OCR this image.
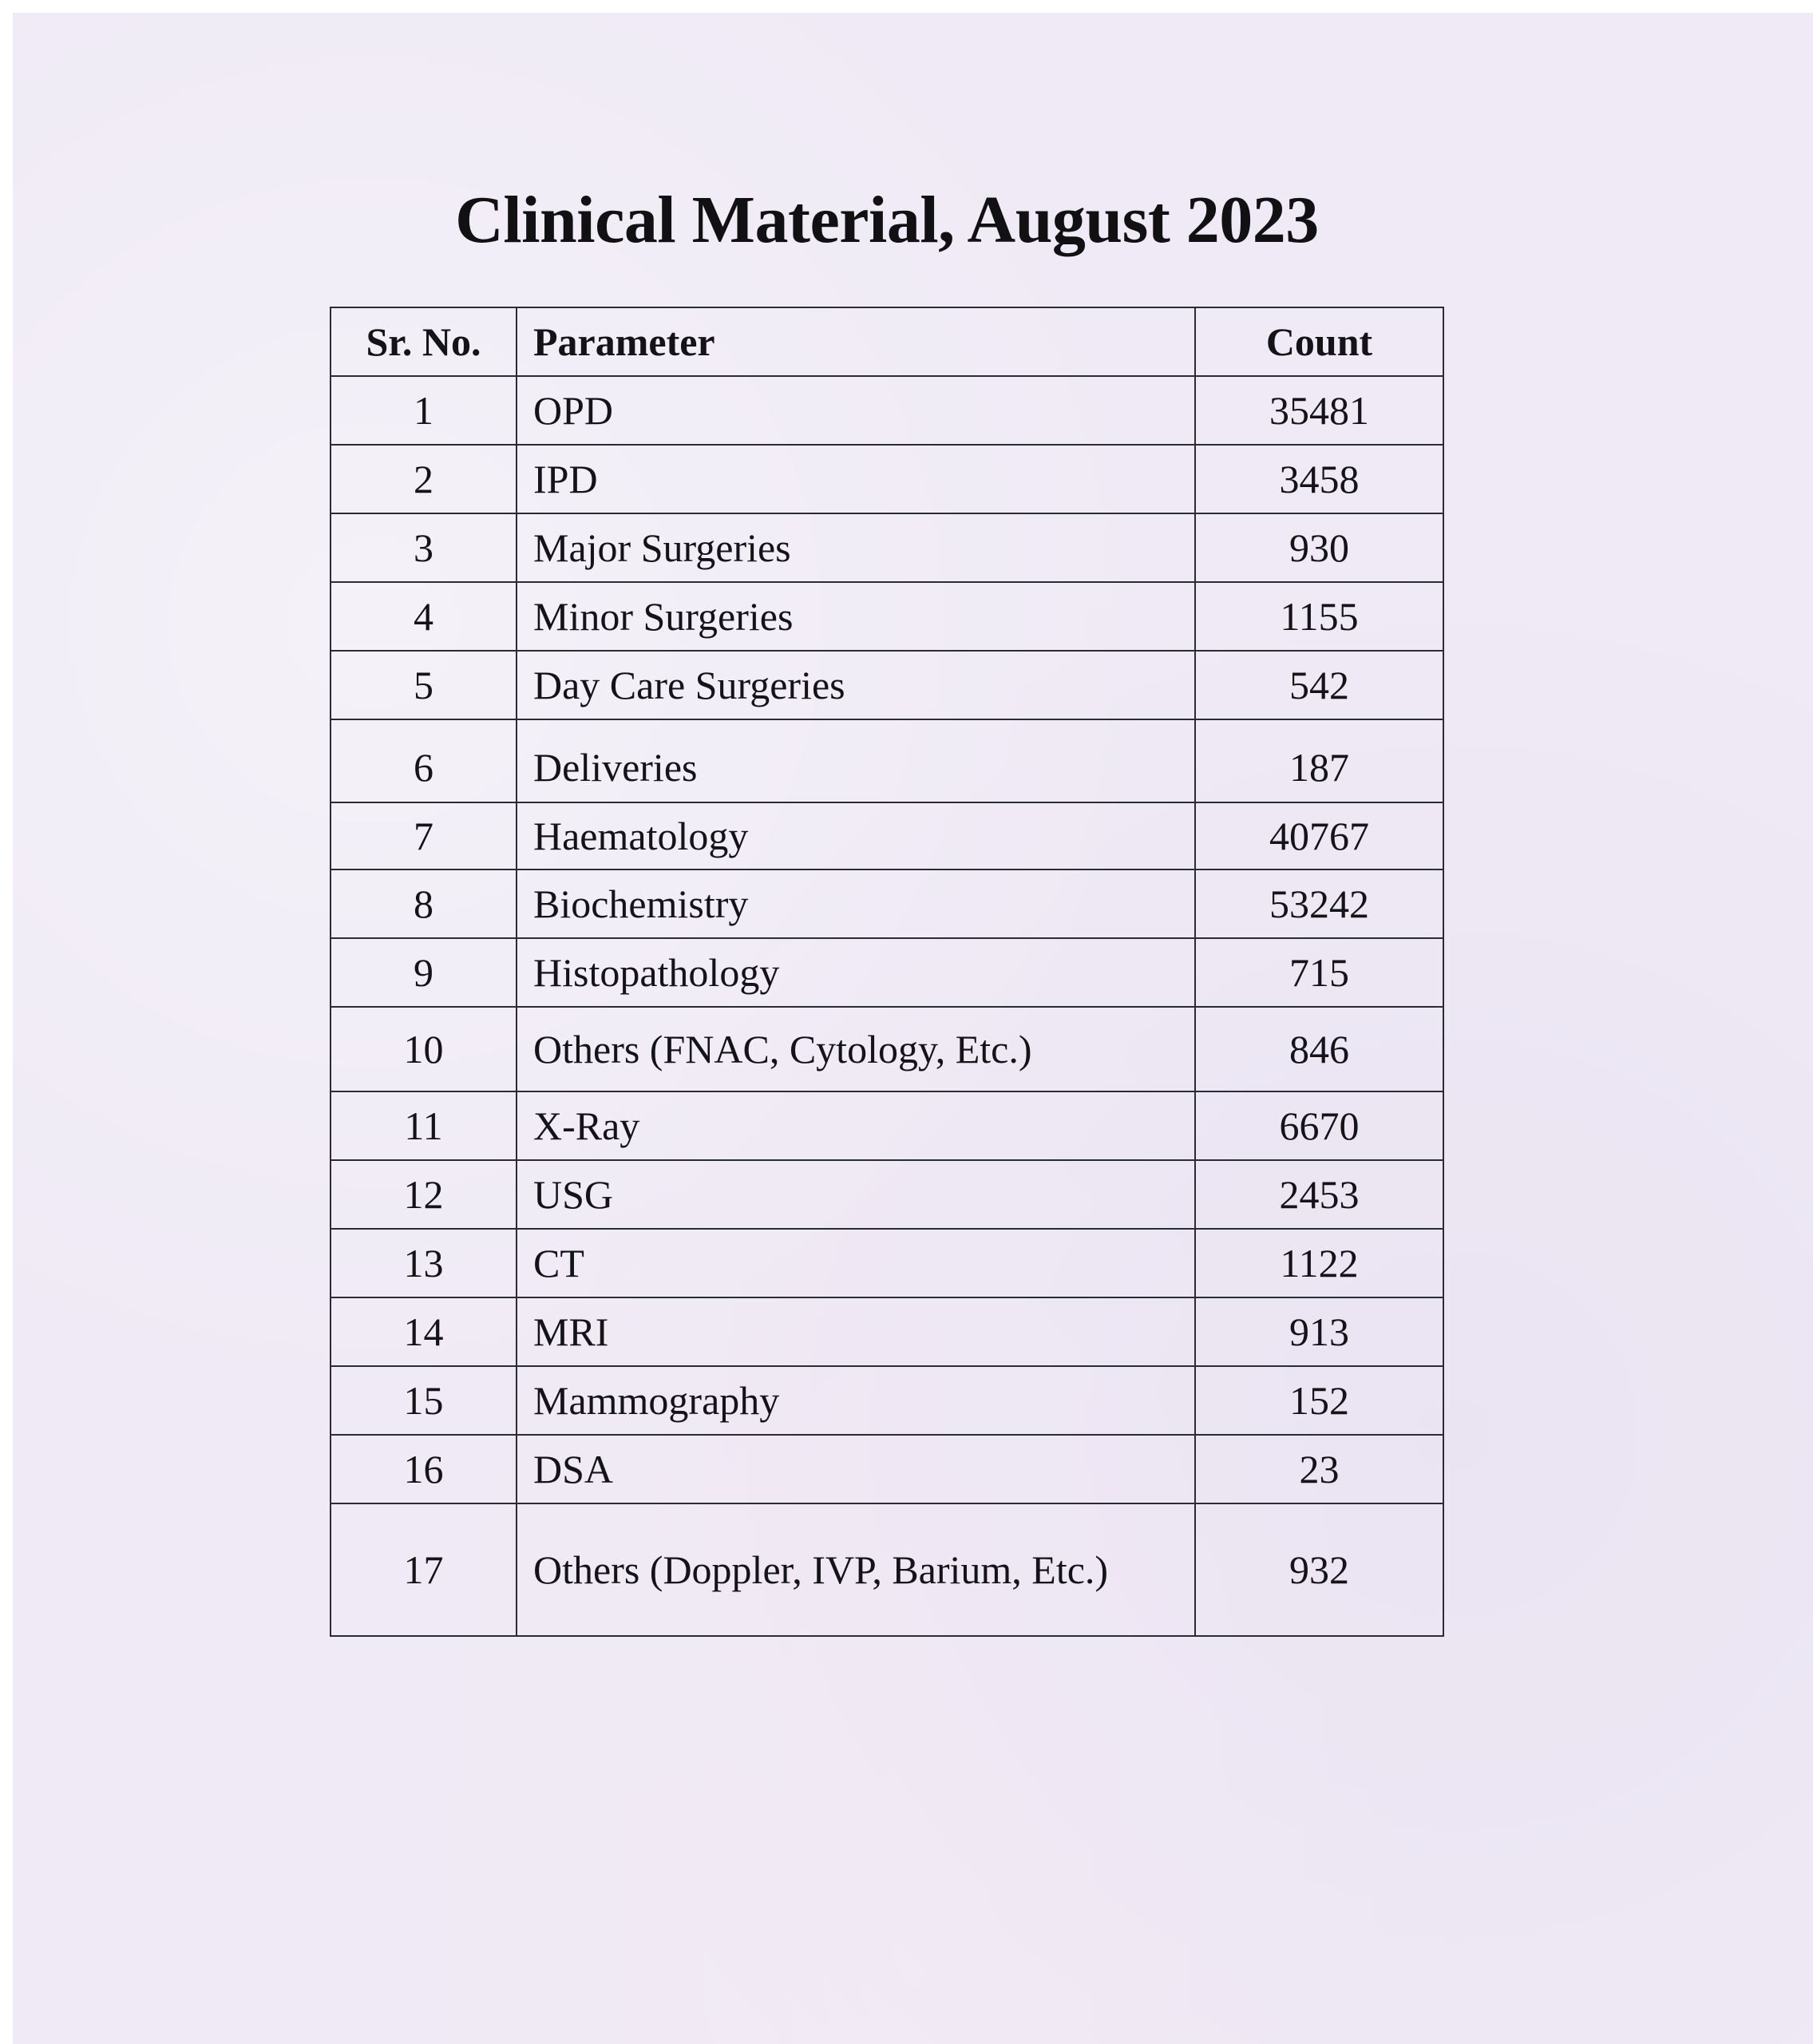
Clinical Material, August 2023
Sr. No.	Parameter	Count
1	OPD	35481
2	IPD	3458
3	Major Surgeries	930
4	Minor Surgeries	1155
5	Day Care Surgeries	542
6	Deliveries	187
7	Haematology	40767
8	Biochemistry	53242
9	Histopathology	715
10	Others (FNAC, Cytology, Etc.)	846
11	X-Ray	6670
12	USG	2453
13	CT	1122
14	MRI	913
15	Mammography	152
16	DSA	23
17	Others (Doppler, IVP, Barium, Etc.)	932
